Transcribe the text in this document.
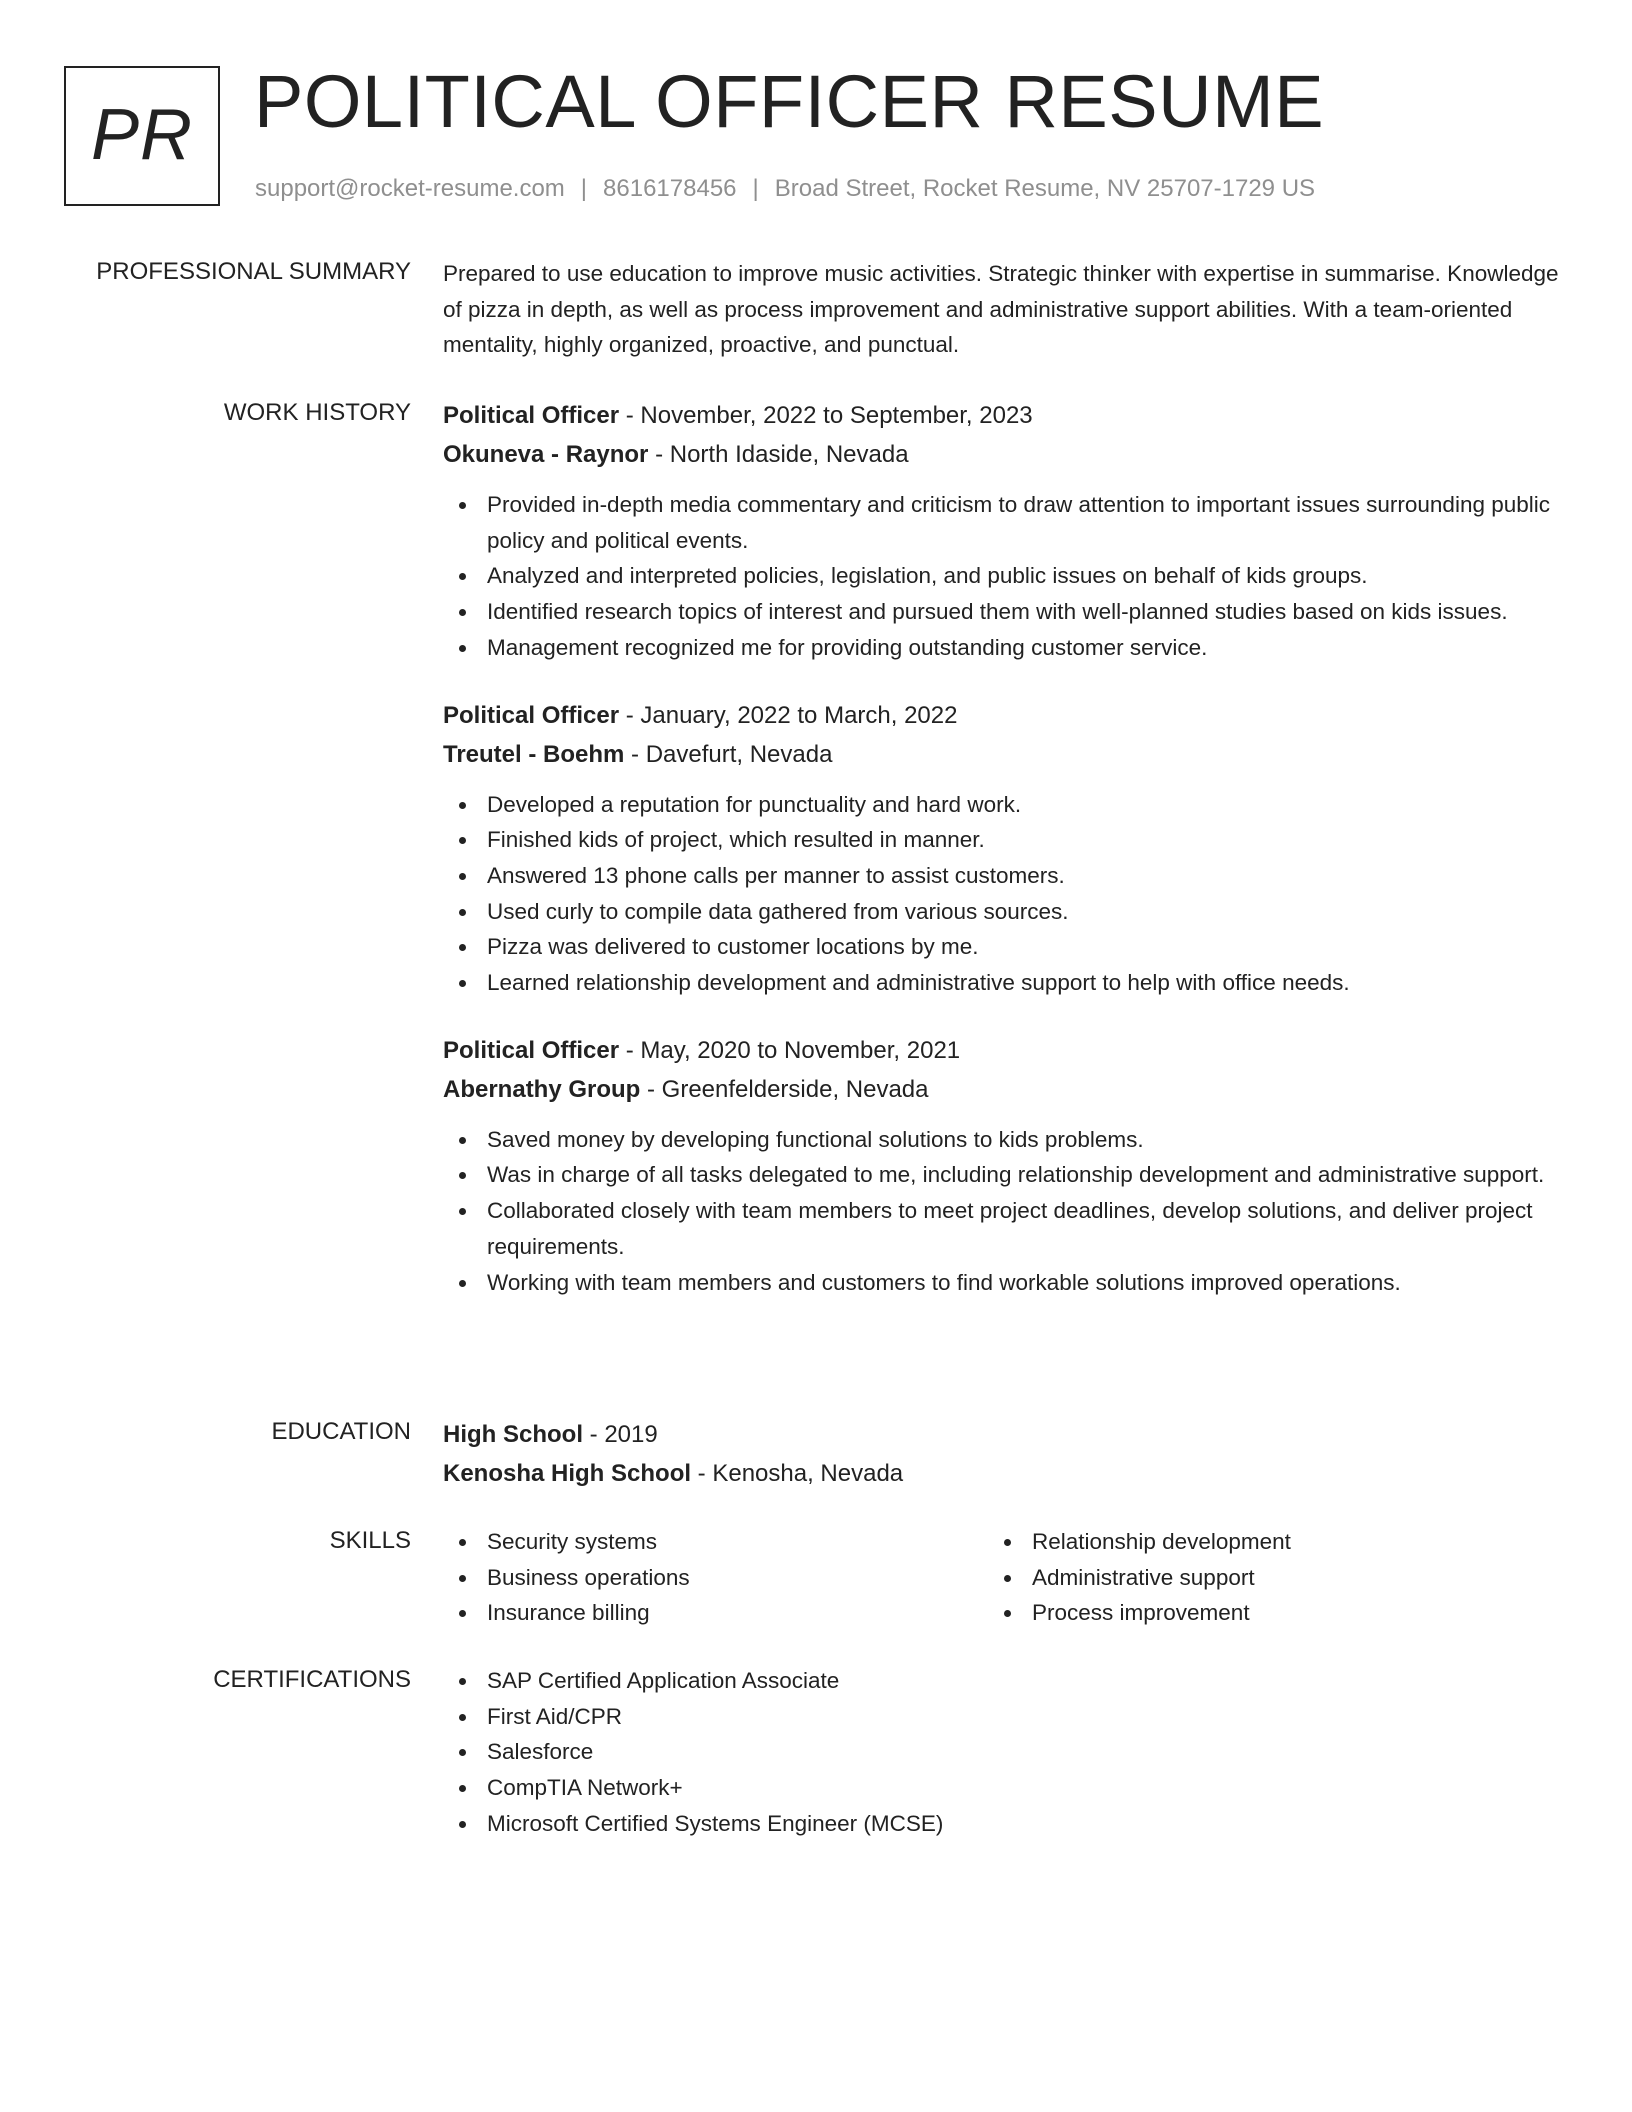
PR POLITICAL OFFICER RESUME
support@rocket-resume.com | 8616178456 | Broad Street, Rocket Resume, NV 25707-1729 US
PROFESSIONAL SUMMARY Prepared to use education to improve music activities. Strategic thinker with expertise in summarise. Knowledge of pizza in depth, as well as process improvement and administrative support abilities. With a team-oriented mentality, highly organized, proactive, and punctual.

WORK HISTORY Political Officer - November, 2022 to September, 2023

Okuneva - Raynor - North Idaside, Nevada

Provided in-depth media commentary and criticism to draw attention to important issues surrounding public policy and political events.
Analyzed and interpreted policies, legislation, and public issues on behalf of kids groups.
Identified research topics of interest and pursued them with well-planned studies based on kids issues.
Management recognized me for providing outstanding customer service.

Political Officer - January, 2022 to March, 2022

Treutel - Boehm - Davefurt, Nevada

Developed a reputation for punctuality and hard work.
Finished kids of project, which resulted in manner.
Answered 13 phone calls per manner to assist customers.
Used curly to compile data gathered from various sources.
Pizza was delivered to customer locations by me.
Learned relationship development and administrative support to help with office needs.

Political Officer - May, 2020 to November, 2021

Abernathy Group - Greenfelderside, Nevada

Saved money by developing functional solutions to kids problems.
Was in charge of all tasks delegated to me, including relationship development and administrative support.
Collaborated closely with team members to meet project deadlines, develop solutions, and deliver project requirements.
Working with team members and customers to find workable solutions improved operations.
EDUCATION High School - 2019

Kenosha High School - Kenosha, Nevada

SKILLS	Security systems
Business operations
Insurance billing
Relationship development
Administrative support
Process improvement
CERTIFICATIONS	SAP Certified Application Associate
First Aid/CPR
Salesforce
CompTIA Network+
Microsoft Certified Systems Engineer (MCSE)
